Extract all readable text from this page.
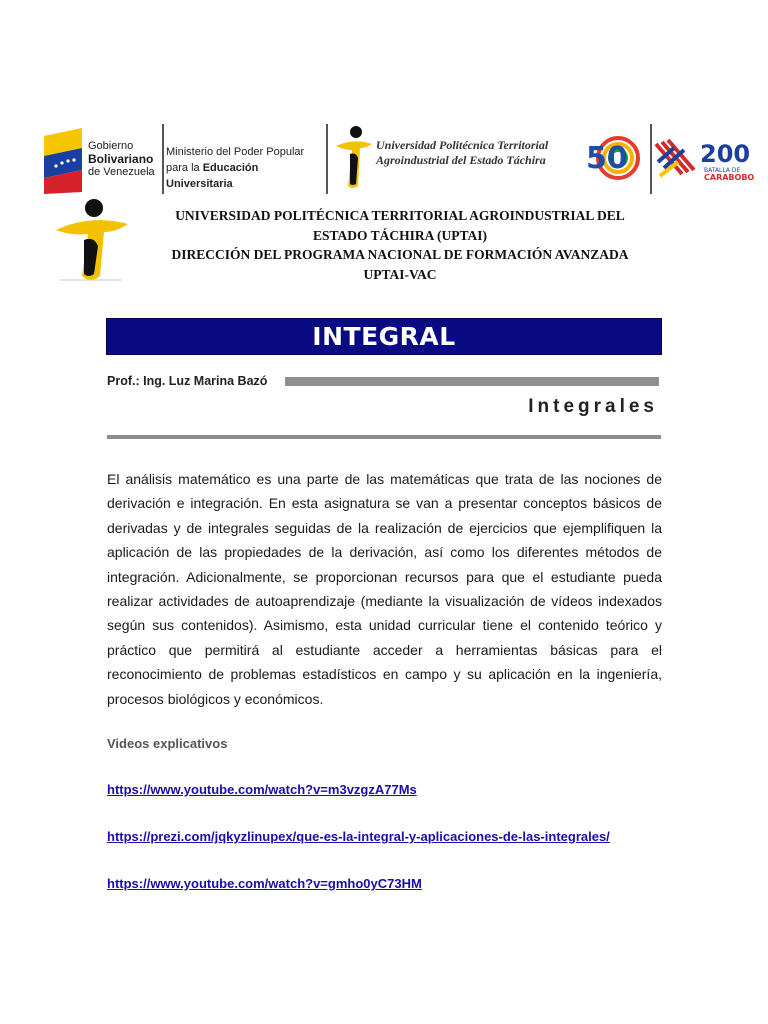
Gobierno
Bolivariano
de Venezuela
Ministerio del Poder Popular
para la Educación Universitaria
Universidad Politécnica Territorial
Agroindustrial del Estado Táchira 50	200
BATALLA DE
CARABOBO
UNIVERSIDAD POLITÉCNICA TERRITORIAL AGROINDUSTRIAL DEL
ESTADO TÁCHIRA (UPTAI)
DIRECCIÓN DEL PROGRAMA NACIONAL DE FORMACIÓN AVANZADA
UPTAI-VAC
INTEGRAL
Prof.: Ing. Luz Marina Bazó
Integrales
El análisis matemático es una parte de las matemáticas que trata de las nociones de derivación e integración. En esta asignatura se van a presentar conceptos básicos de derivadas y de integrales seguidas de la realización de ejercicios que ejemplifiquen la aplicación de las propiedades de la derivación, así como los diferentes métodos de integración. Adicionalmente, se proporcionan recursos para que el estudiante pueda realizar actividades de autoaprendizaje (mediante la visualización de vídeos indexados según sus contenidos). Asimismo, esta unidad curricular tiene el contenido teórico y práctico que permitirá al estudiante acceder a herramientas básicas para el reconocimiento de problemas estadísticos en campo y su aplicación en la ingeniería, procesos biológicos y económicos.
Videos explicativos
https://www.youtube.com/watch?v=m3vzgzA77Ms
https://prezi.com/jqkyzlinupex/que-es-la-integral-y-aplicaciones-de-las-integrales/
https://www.youtube.com/watch?v=gmho0yC73HM
